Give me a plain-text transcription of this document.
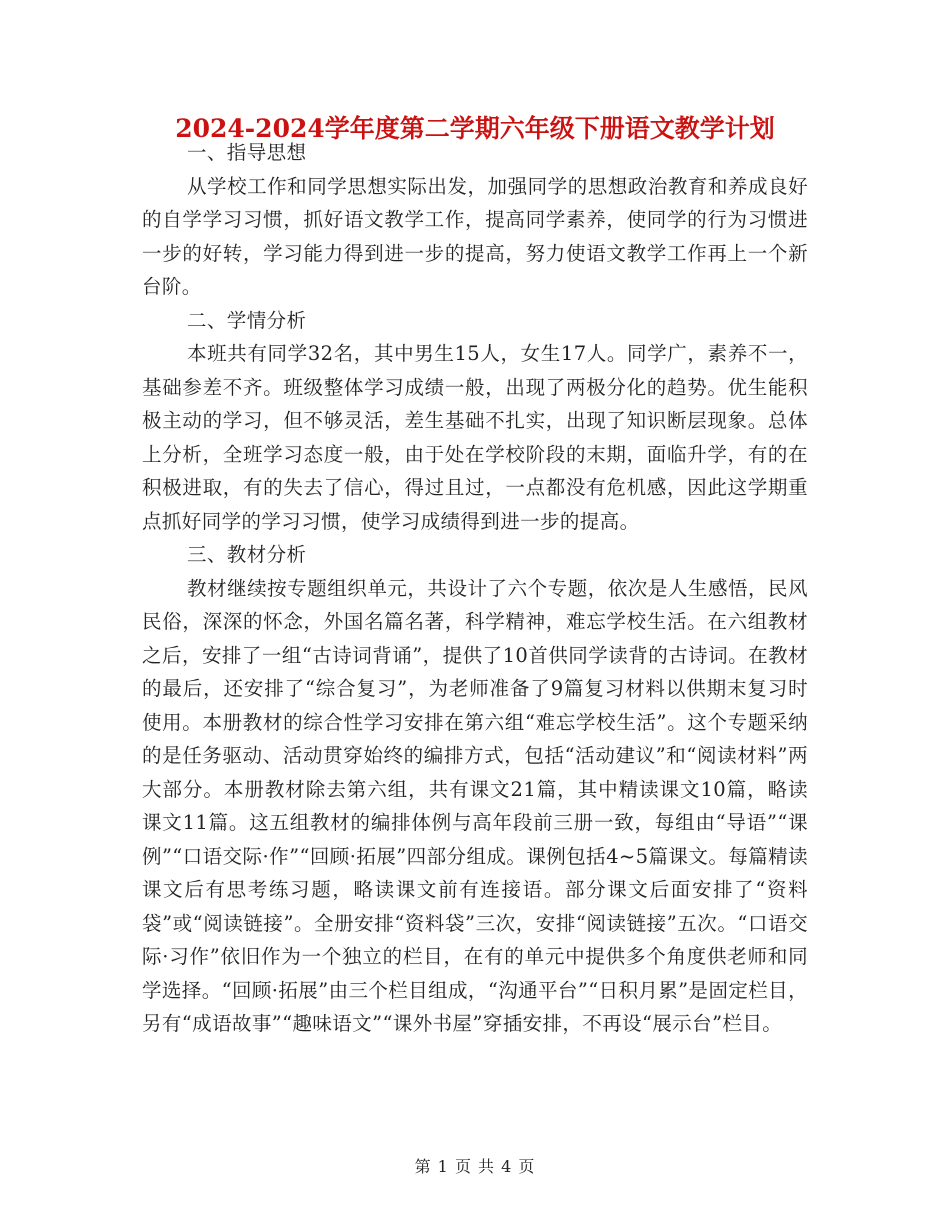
2024-2024学年度第二学期六年级下册语文教学计划
一、指导思想

从学校工作和同学思想实际出发，加强同学的思想政治教育和养成良好的自学学习习惯，抓好语文教学工作，提高同学素养，使同学的行为习惯进一步的好转，学习能力得到进一步的提高，努力使语文教学工作再上一个新台阶。

二、学情分析

本班共有同学32名，其中男生15人，女生17人。同学广，素养不一，基础参差不齐。班级整体学习成绩一般，出现了两极分化的趋势。优生能积极主动的学习，但不够灵活，差生基础不扎实，出现了知识断层现象。总体上分析，全班学习态度一般，由于处在学校阶段的末期，面临升学，有的在积极进取，有的失去了信心，得过且过，一点都没有危机感，因此这学期重点抓好同学的学习习惯，使学习成绩得到进一步的提高。

三、教材分析

教材继续按专题组织单元，共设计了六个专题，依次是人生感悟，民风民俗，深深的怀念，外国名篇名著，科学精神，难忘学校生活。在六组教材之后，安排了一组“古诗词背诵”，提供了10首供同学读背的古诗词。在教材的最后，还安排了“综合复习”，为老师准备了9篇复习材料以供期末复习时使用。本册教材的综合性学习安排在第六组“难忘学校生活”。这个专题采纳的是任务驱动、活动贯穿始终的编排方式，包括“活动建议”和“阅读材料”两大部分。本册教材除去第六组，共有课文21篇，其中精读课文10篇，略读课文11篇。这五组教材的编排体例与高年段前三册一致，每组由“导语”“课例”“口语交际·作”“回顾·拓展”四部分组成。课例包括4~5篇课文。每篇精读课文后有思考练习题，略读课文前有连接语。部分课文后面安排了“资料袋”或“阅读链接”。全册安排“资料袋”三次，安排“阅读链接”五次。“口语交际·习作”依旧作为一个独立的栏目，在有的单元中提供多个角度供老师和同学选择。“回顾·拓展”由三个栏目组成，“沟通平台”“日积月累”是固定栏目，另有“成语故事”“趣味语文”“课外书屋”穿插安排，不再设“展示台”栏目。

第 1 页 共 4 页
